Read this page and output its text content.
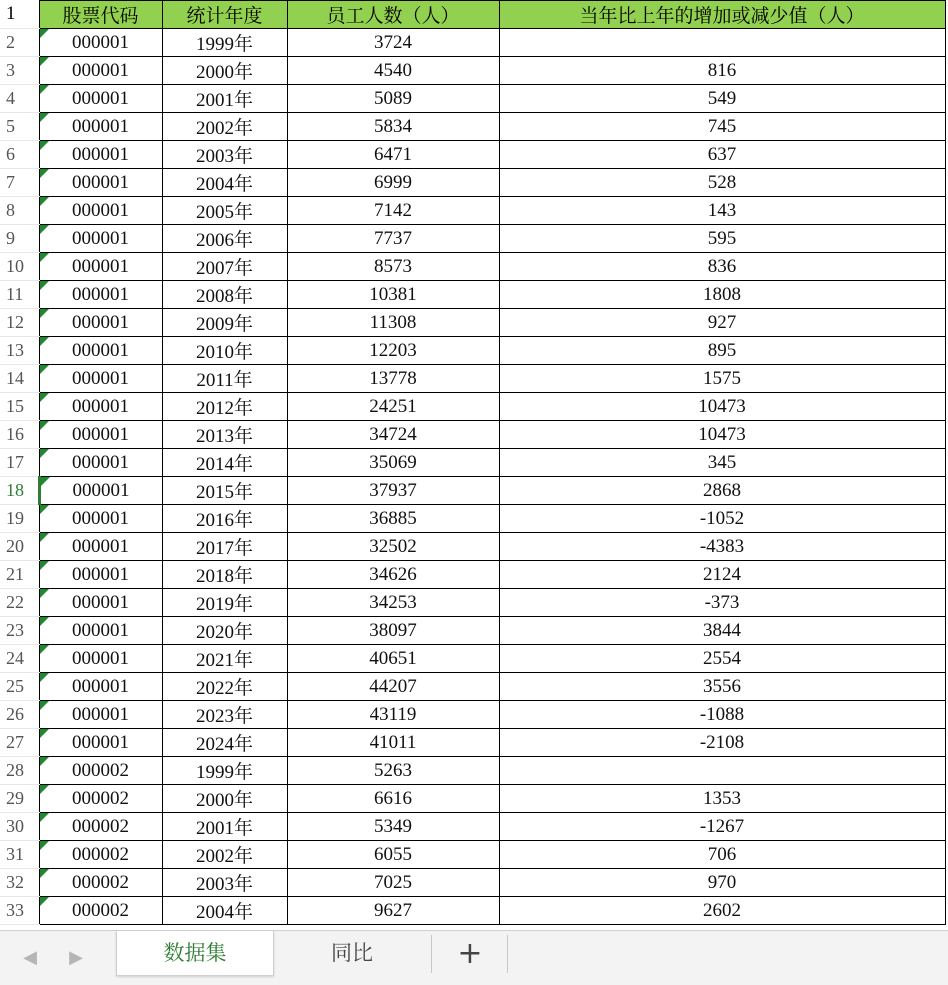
1	股票代码	统计年度	员工人数（人）	当年比上年的增加或减少值（人）
2	000001	1999年	3724	
3	000001	2000年	4540	816
4	000001	2001年	5089	549
5	000001	2002年	5834	745
6	000001	2003年	6471	637
7	000001	2004年	6999	528
8	000001	2005年	7142	143
9	000001	2006年	7737	595
10	000001	2007年	8573	836
11	000001	2008年	10381	1808
12	000001	2009年	11308	927
13	000001	2010年	12203	895
14	000001	2011年	13778	1575
15	000001	2012年	24251	10473
16	000001	2013年	34724	10473
17	000001	2014年	35069	345
18	000001	2015年	37937	2868
19	000001	2016年	36885	-1052
20	000001	2017年	32502	-4383
21	000001	2018年	34626	2124
22	000001	2019年	34253	-373
23	000001	2020年	38097	3844
24	000001	2021年	40651	2554
25	000001	2022年	44207	3556
26	000001	2023年	43119	-1088
27	000001	2024年	41011	-2108
28	000002	1999年	5263	
29	000002	2000年	6616	1353
30	000002	2001年	5349	-1267
31	000002	2002年	6055	706
32	000002	2003年	7025	970
33	000002	2004年	9627	2602
◀ ▶	数据集	同比	+
